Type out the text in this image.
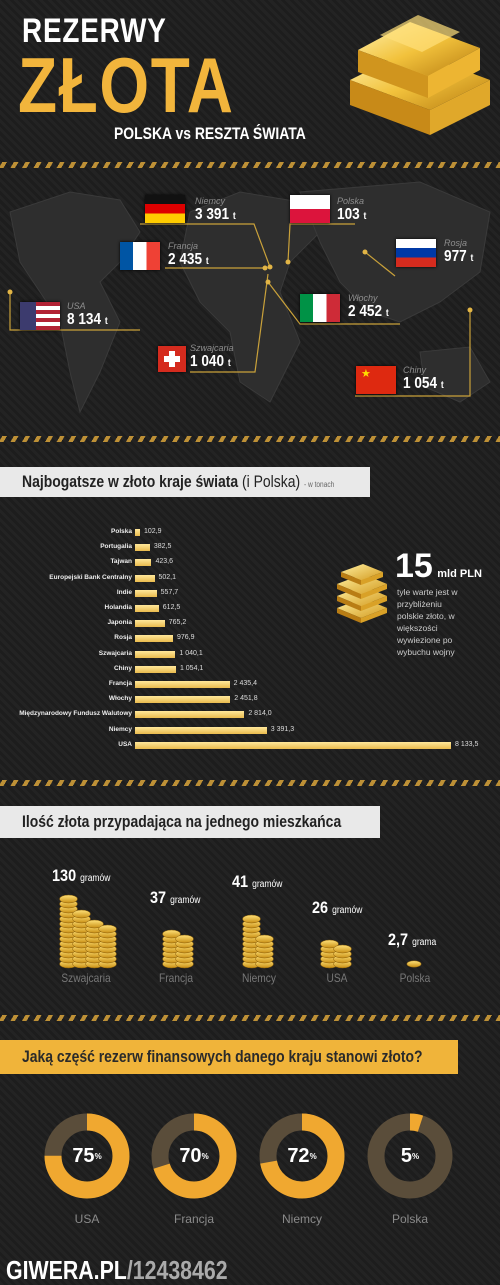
REZERWY
ZŁOTA
POLSKA vs RESZTA ŚWIATA
Niemcy
3 391 t
Polska
103 t
Francja
2 435 t
Rosja
977 t
USA
8 134 t
Włochy
2 452 t
Szwajcaria
1 040 t
★	Chiny
1 054 t
Najbogatsze w złoto kraje świata (i Polska) - w tonach
Polska 102,9
Portugalia	382,5
Tajwan	423,6
Europejski Bank Centralny	502,1
Indie	557,7
Holandia	612,5
Japonia	765,2
Rosja	976,9
Szwajcaria	1 040,1
Chiny	1 054,1
Francja	2 435,4
Włochy	2 451,8
Międzynarodowy Fundusz Walutowy	2 814,0
Niemcy	3 391,3
USA	8 133,5
15 mld PLN
tyle warte jest w przybliżeniu polskie złoto, w większości wywiezione po wybuchu wojny
Ilość złota przypadająca na jednego mieszkańca
130 gramów
37 gramów
41 gramów
26 gramów
2,7 grama
Szwajcaria	Francja	Niemcy	USA	Polska
Jaką część rezerw finansowych danego kraju stanowi złoto?
75 %
USA
70 %
Francja
72 %
Niemcy
5 %
Polska
GIWERA.PL/12438462
